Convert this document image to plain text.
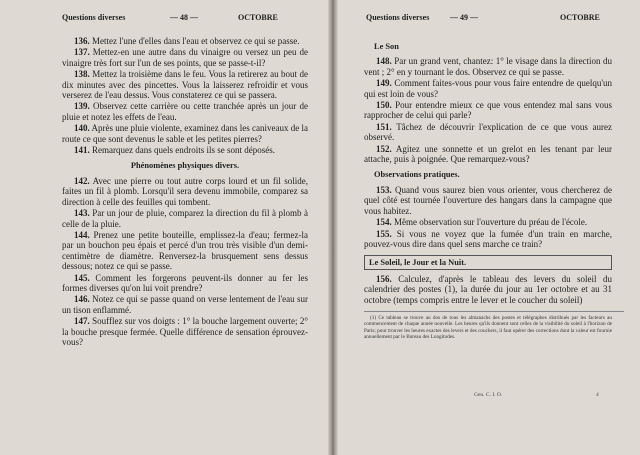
Questions diverses	— 48 —	OCTOBRE

136. Mettez l'une d'elles dans l'eau et observez ce qui se passe.

137. Mettez-en une autre dans du vinaigre ou versez un peu de vinaigre très fort sur l'un de ses points, que se passe-t-il?

138. Mettez la troisième dans le feu. Vous la retirerez au bout de dix minutes avec des pincettes. Vous la laisserez refroidir et vous verserez de l'eau dessus. Vous constaterez ce qui se passera.

139. Observez cette carrière ou cette tranchée après un jour de pluie et notez les effets de l'eau.

140. Après une pluie violente, examinez dans les caniveaux de la route ce que sont devenus le sable et les petites pierres?

141. Remarquez dans quels endroits ils se sont déposés.

Phénomènes physiques divers.

142. Avec une pierre ou tout autre corps lourd et un fil solide, faites un fil à plomb. Lorsqu'il sera devenu immobile, comparez sa direction à celle des feuilles qui tombent.

143. Par un jour de pluie, comparez la direction du fil à plomb à celle de la pluie.

144. Prenez une petite bouteille, emplissez-la d'eau; fermez-la par un bouchon peu épais et percé d'un trou très visible d'un demi-centimètre de diamètre. Renversez-la brusquement sens dessus dessous; notez ce qui se passe.

145. Comment les forgerons peuvent-ils donner au fer les formes diverses qu'on lui voit prendre?

146. Notez ce qui se passe quand on verse lentement de l'eau sur un tison enflammé.

147. Soufflez sur vos doigts : 1° la bouche largement ouverte; 2° la bouche presque fermée. Quelle différence de sensation éprouvez-vous?

Questions diverses	— 49 —	OCTOBRE
Le Son

148. Par un grand vent, chantez: 1° le visage dans la direction du vent ; 2° en y tournant le dos. Observez ce qui se passe.

149. Comment faites-vous pour vous faire entendre de quelqu'un qui est loin de vous?

150. Pour entendre mieux ce que vous entendez mal sans vous rapprocher de celui qui parle?

151. Tâchez de découvrir l'explication de ce que vous aurez observé.

152. Agitez une sonnette et un grelot en les tenant par leur attache, puis à poignée. Que remarquez-vous?

Observations pratiques.

153. Quand vous saurez bien vous orienter, vous chercherez de quel côté est tournée l'ouverture des hangars dans la campagne que vous habitez.

154. Même observation sur l'ouverture du préau de l'école.

155. Si vous ne voyez que la fumée d'un train en marche, pouvez-vous dire dans quel sens marche ce train?

Le Soleil, le Jour et la Nuit.

156. Calculez, d'après le tableau des levers du soleil du calendrier des postes (1), la durée du jour au 1er octobre et au 31 octobre (temps compris entre le lever et le coucher du soleil)

(1) Ce tableau se trouve au dos de tous les almanachs des postes et télégraphes distribués par les facteurs au commencement de chaque année nouvelle. Les heures qu'ils donnent sont celles de la visibilité du soleil à l'horizon de Paris; pour trouver les heures exactes des levers et des couchers, il faut opérer des corrections dont la valeur est fournie annuellement par le Bureau des Longitudes.

Gen. C. I. O.	4
